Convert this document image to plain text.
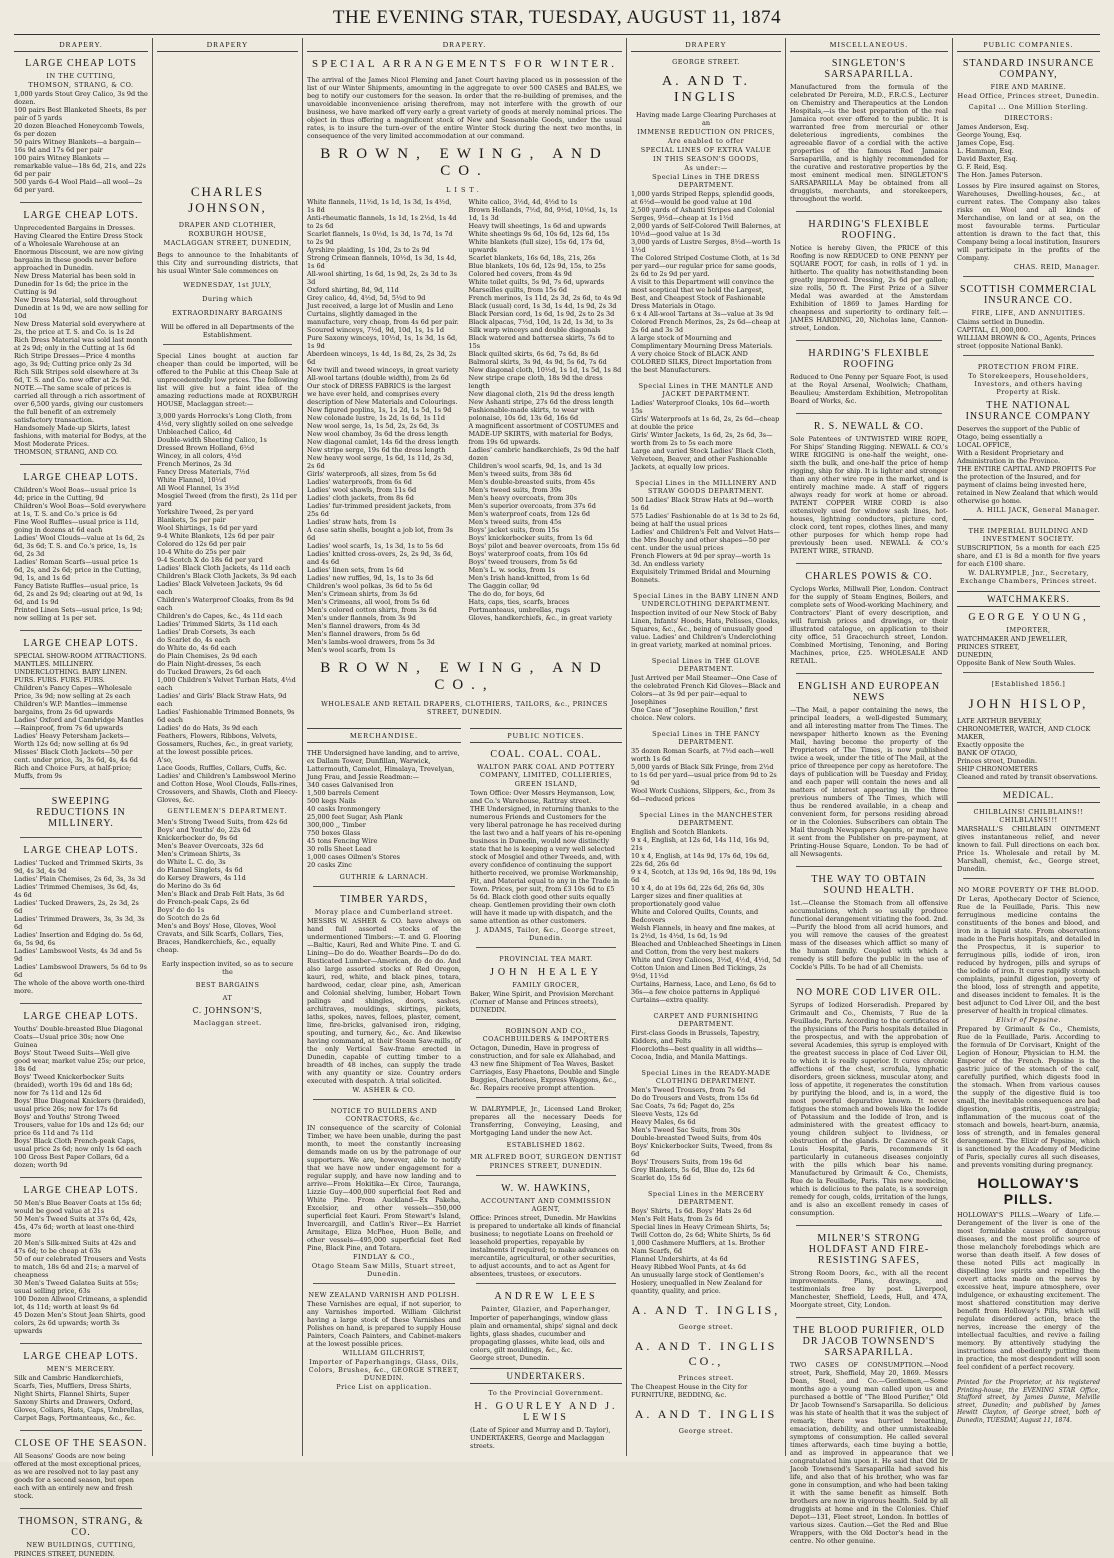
THE EVENING STAR, TUESDAY, AUGUST 11, 1874
DRAPERY.
LARGE CHEAP LOTS
IN THE CUTTING,
THOMSON, STRANG, & CO.

1,000 yards Stout Grey Calico, 3s 9d the dozen.

100 pairs Best Blanketed Sheets, 8s per pair of 5 yards

20 dozen Bleached Honeycomb Towels, 6s per dozen

50 pairs Witney Blankets—a bargain—16s 9d and 17s 6d per pair

100 pairs Witney Blankets — remarkable value—18s 6d, 21s, and 22s 6d per pair

500 yards 6-4 Wool Plaid—all wool—2s 6d per yard.

LARGE CHEAP LOTS.

Unprecedented Bargains in Dresses.

Having Cleared the Entire Dress Stock of a Wholesale Warehouse at an Enormous Discount, we are now giving bargains in these goods never before approached in Dunedin.

New Dress Material has been sold in Dunedin for 1s 6d; the price in the Cutting is 9d

New Dress Material, sold throughout Dunedin at 1s 9d, we are now selling for 10d

New Dress Material sold everywhere at 2s, the price at T. S. and Co. is 1s 2d

Rich Dress Material was sold last month at 2s 9d; only in the Cutting at 1s 6d

Rich Stripe Dresses—Price 4 months ago, 3s 9d; Cutting price only 2s 3d

Rich Silk Stripes sold elsewhere at 3s 6d, T. S. and Co. now offer at 2s 9d.

NOTE.—The same scale of prices is carried all through a rich assortment of over 6,500 yards, giving our customers the full benefit of an extremely satisfactory transaction.

Handsomely Made-up Skirts, latest fashions, with material for Bodys, at the Most Moderate Prices.

THOMSON, STRANG, AND CO.

LARGE CHEAP LOTS.

Children's Wool Boas—usual price 1s 4d; price in the Cutting, 9d

Children's Wool Boas—Sold everywhere at 1s, T. S. and Co.'s price is 6d

Fine Wool Ruffles—usual price is 11d, going in dozens at 6d each

Ladies' Wool Clouds—value at 1s 6d, 2s 6d, 3s 6d; T. S. and Co.'s price, 1s, 1s 6d, 2s 3d

Ladies' Roman Scarfs—usual price 1s 6d, 2s, and 2s 6d; price in the Cutting, 9d, 1s, and 1s 6d

Fancy Batiste Ruffles—usual price, 1s 6d, 2s and 2s 9d; clearing out at 9d, 1s 6d, and 1s 9d

Printed Linen Sets—usual price, 1s 9d; now selling at 1s per set.

LARGE CHEAP LOTS.

SPECIAL SHOW-ROOM ATTRACTIONS.

MANTLES. MILLINERY. UNDERCLOTHING. BABY LINEN.

FURS. FURS. FURS. FURS.

Children's Fancy Capes—Wholesale Price, 3s 9d; now selling at 2s each

Children's W.P. Mantles—immense bargains, from 2s 6d upwards

Ladies' Oxford and Cambridge Mantles—Rainproof, from 7s 6d upwards

Ladies' Heavy Petersham Jackets—Worth 12s 6d; now selling at 6s 9d

Misses' Black Cloth Jackets—50 per cent. under price, 3s, 3s 6d, 4s, 4s 6d

Rich and Choice Furs, at half-price; Muffs, from 9s

SWEEPING REDUCTIONS IN MILLINERY.
LARGE CHEAP LOTS.

Ladies' Tucked and Trimmed Skirts, 3s 9d, 4s 3d, 4s 9d

Ladies' Plain Chemises, 2s 6d, 3s, 3s 3d

Ladies' Trimmed Chemises, 3s 6d, 4s, 4s 6d

Ladies' Tucked Drawers, 2s, 2s 3d, 2s 6d

Ladies' Trimmed Drawers, 3s, 3s 3d, 3s 6d

Ladies' Insertion and Edging do. 5s 6d, 6s, 5s 9d, 6s

Ladies' Lambswool Vests, 4s 3d and 5s 9d

Ladies' Lambswool Drawers, 5s 6d to 9s 6d

The whole of the above worth one-third more.

LARGE CHEAP LOTS.

Youths' Double-breasted Blue Diagonal Coats—Usual price 30s; now One Guinea

Boys' Stout Tweed Suits—Well give good wear, market value 25s; our price, 18s 6d

Boys' Tweed Knickerbocker Suits (braided), worth 19s 6d and 18s 6d; now for 7s 11d and 12s 6d

Boys' Blue Diagonal Knickers (braided), usual price 26s; now for 17s 6d

Boys' and Youths' Strong Tweed Trousers, value for 10s and 12s 6d; our price 6s 11d and 7s 11d

Boys' Black Cloth French-peak Caps, usual price 2s 6d; now only 1s 6d each

100 Gross Best Paper Collars, 6d a dozen; worth 9d

LARGE CHEAP LOTS.

50 Men's Blue Beaver Coats at 15s 6d; would be good value at 21s

50 Men's Tweed Suits at 37s 6d, 42s, 45s, 47s 6d; worth at least one-third more

20 Men's Silk-mixed Suits at 42s and 47s 6d; to be cheap at 63s

50 of our celebrated Trousers and Vests to match, 18s 6d and 21s; a marvel of cheapness

30 Men's Tweed Galatea Suits at 55s; usual selling price, 63s

100 Dozen Allwool Crimeans, a splendid lot, 4s 11d; worth at least 9s 6d

45 Dozen Men's Stout Jean Shirts, good colors, 2s 6d upwards; worth 3s upwards

LARGE CHEAP LOTS.
MEN'S MERCERY.

Silk and Cambric Handkerchiefs, Scarfs, Ties, Mufflers, Dress Shirts, Night Shirts, Flannel Shirts, Super Saxony Shirts and Drawers, Oxford, Gloves, Collars, Hats, Caps, Umbrellas, Carpet Bags, Portmanteaus, &c., &c.

CLOSE OF THE SEASON.

All Seasons' Goods are now being offered at the most exceptional prices, as we are resolved not to lay past any goods for a second season, but open each with an entirely new and fresh stock.

THOMSON, STRANG, & CO.
NEW BUILDINGS, CUTTING,

PRINCES STREET, DUNEDIN.

DRAPERY
CHARLES JOHNSON,
DRAPER AND CLOTHIER,
ROXBURGH HOUSE,
MACLAGGAN STREET, DUNEDIN,

Begs to announce to the Inhabitants of this City and surrounding districts, that his usual Winter Sale commences on

WEDNESDAY, 1st JULY,
During which
EXTRAORDINARY BARGAINS

Will be offered in all Departments of the Establishment.

Special Lines bought at auction far cheaper than could be imported, will be offered to the Public at this Cheap Sale at unprecedentedly low prices. The following list will give but a faint idea of the amazing reductions made at ROXBURGH HOUSE, Maclaggan street:—

3,000 yards Horrocks's Long Cloth, from 4½d, very slightly soiled on one selvedge

Unbleached Calico, 4d

Double-width Sheeting Calico, 1s

Dressed Brown Holland, 6½d

Wincey, in all colors, 4½d

French Merinos, 2s 3d

Fancy Dress Materials, 7½d

White Flannel, 10½d

All Wool Flannel, 1s 3½d

Mosgiel Tweed (from the first), 2s 11d per yard

Yorkshire Tweed, 2s per yard

Blankets, 5s per pair

Wool Shirtings, 1s 6d per yard

9-4 White Blankets, 12s 6d per pair

Colored do 12s 6d per pair

10-4 White do 25s per pair

9-4 Scotch X do 18s 6d per yard

Ladies' Black Cloth Jackets, 4s 11d each

Children's Black Cloth Jackets, 3s 9d each

Ladies' Black Velveteen Jackets, 9s 6d each

Children's Waterproof Cloaks, from 8s 9d each

Children's do Capes, &c., 4s 11d each

Ladies' Trimmed Skirts, 3s 11d each

Ladies' Drab Corsets, 3s each

do Scarlet do, 4s each

do White do, 4s 6d each

do Plain Chemises, 2s 9d each

do Plain Night-dresses, 5s each

do Tucked Drawers, 2s 6d each

1,000 Children's Velvet Turban Hats, 4½d each

Ladies' and Girls' Black Straw Hats, 9d each

Ladies' Fashionable Trimmed Bonnets, 9s 6d each

Ladies' do do Hats, 3s 9d each

Feathers, Flowers, Ribbons, Velvets, Gossamers, Ruches, &c., in great variety, at the lowest possible prices.

A'so,

Lace Goods, Ruffles, Collars, Cuffs, &c.

Ladies' and Children's Lambswool Merino and Cotton Hose, Wool Clouds, Falls-rines, Crossovers, and Shawls, Cloth and Fleecy-Gloves, &c.

GENTLEMEN'S DEPARTMENT.

Men's Strong Tweed Suits, from 42s 6d

Boys' and Youths' do, 22s 6d

Knickerbocker do, 9s 6d

Men's Beaver Overcoats, 32s 6d

Men's Crimean Shirts, 3s

do White L. C. do, 3s

do Flannel Singlets, 4s 6d

do Kersey Drawers, 4s 11d

do Merino do 3s 6d

Men's Black and Drab Felt Hats, 3s 6d

do French-peak Caps, 2s 6d

Boys' do do 1s

do Scotch do 2s 6d

Men's and Boys' Hose, Gloves, Wool Cravats, and Silk Scarfs, Collars, Ties, Braces, Handkerchiefs, &c., equally cheap.

Early inspection invited, so as to secure the

BEST BARGAINS
AT
C. JOHNSON'S,
Maclaggan street.
DRAPERY.
SPECIAL ARRANGEMENTS FOR WINTER.

The arrival of the James Nicol Fleming and Janet Court having placed us in possession of the list of our Winter Shipments, amounting in the aggregate to over 500 CASES and BALES, we beg to notify our customers for the season. In order that the re-building of premises, and the unavoidable inconvenience arising therefrom, may not interfere with the growth of our business, we have marked off very early a great variety of goods at merely nominal prices. The object in thus offering a magnificent stock of New and Seasonable Goods, under the usual rates, is to insure the turn-over of the entire Winter Stock during the next two months, in consequence of the very limited accommodation at our command.

BROWN, EWING, AND CO.
LIST.

White flannels, 11½d, 1s 1d, 1s 3d, 1s 4½d, 1s 8d

Anti-rheumatic flannels, 1s 1d, 1s 2½d, 1s 4d to 2s 6d

Scarlet flannels, 1s 0½d, 1s 3d, 1s 7d, 1s 7d to 2s 9d

Ayrshire plaiding, 1s 10d, 2s to 2s 9d

Strong Crimean flannels, 10½d, 1s 3d, 1s 4d, 1s 6d

All-wool shirting, 1s 6d, 1s 9d, 2s, 2s 3d to 3s 3d

Oxford shirting, 8d, 9d, 11d

Grey calico, 4d, 4½d, 5d, 5½d to 9d

Just received, a large lot of Muslin and Leno Curtains, slightly damaged in the manufacture, very cheap, from 4s 6d per pair.

Scoured winceys, 7½d, 9d, 10d, 1s, 1s 1d

Pure Saxony winceys, 10½d, 1s, 1s 3d, 1s 6d, 1s 9d

Aberdeen winceys, 1s 4d, 1s 8d, 2s, 2s 3d, 2s 6d

New twill and tweed winceys, in great variety

All-wool tartans (double width), from 2s 6d

Our stock of DRESS FABRICS is the largest we have ever held, and comprises every description of New Materials and Colourings.

New figured poplins, 1s, 1s 2d, 1s 5d, 1s 9d

New colonade lustre, 1s 2d, 1s 6d, 1s 11d

New wool serge, 1s, 1s 5d, 2s, 2s 6d, 3s

New wool chamboy, 3s 6d the dress length

New diagonal camlet, 14s 6d the dress length

New stripe serge, 19s 6d the dress length

New heavy wool serge, 1s 6d, 1s 11d, 2s 3d, 2s 6d

Girls' waterproofs, all sizes, from 5s 6d

Ladies' waterproofs, from 6s 6d

Ladies' wool shawls, from 11s 6d

Ladies' cloth jackets, from 8s 6d

Ladies' fur-trimmed president jackets, from 25s 6d

Ladies' straw hats, from 1s

A case satin shells, bought a job lot, from 3s 6d

Ladies' wool scarfs, 1s, 1s 3d, 1s to 5s 6d

Ladies' knitted cross-overs, 2s, 2s 9d, 3s 6d, and 4s 6d

Ladies' linen sets, from 1s 6d

Ladies' new ruffles, 9d, 1s, 1s to 3s 6d

Children's wool polkas, 3s 6d to 5s 6d

Men's Crimean shirts, from 3s 6d

Men's Crimeans, all wool, from 5s 6d

Men's colored cotton shirts, from 3s 6d

Men's under flannels, from 3s 9d

Men's flannel drawers, from 4s 3d

Men's flannel drawers, from 5s 6d

Men's lambs-wool drawers, from 5s 3d

Men's wool scarfs, from 1s

White calico, 3½d, 4d, 4½d to 1s

Brown Hollands, 7½d, 8d, 9½d, 10½d, 1s, 1s 1d, 1s 3d

Heavy twill sheetings, 1s 6d and upwards

White sheetings 9s 6d, 10s 6d, 12s 6d, 15s

White blankets (full size), 15s 6d, 17s 6d, upwards

Scarlet blankets, 16s 6d, 18s, 21s, 26s

Blue blankets, 10s 6d, 12s 9d, 15s, to 25s

Colored bed covers, from 4s 9d

White toilet quilts, 5s 9d, 7s 6d, upwards

Marseilles quilts, from 15s 6d

French merinos, 1s 11d, 2s 3d, 2s 6d, to 4s 9d

Black (usual) cord, 1s 3d, 1s 4d, 1s 9d, 2s 3d

Black Persian cord, 1s 6d, 1s 9d, 2s to 2s 3d

Black alpacas, 7½d, 10d, 1s 2d, 1s 3d, to 3s

Silk warp winceys and double diagonals

Black watered and battersea skirts, 7s 6d to 15s

Black quilted skirts, 6s 6d, 7s 6d, 8s 6d

Balmoral skirts, 3s 9d, 4s 9d, 5s 6d, 7s 6d

New diagonal cloth, 10½d, 1s 1d, 1s 5d, 1s 8d

New stripe crape cloth, 18s 9d the dress length

New diagonal cloth, 21s 9d the dress length

New Ashanti stripe, 27s 6d the dress length

Fashionable-made skirts, to wear with polonaise, 10s 6d, 13s 6d, 16s 6d

A magnificent assortment of COSTUMES and MADE-UP SKIRTS, with material for Bodys, from 19s 6d upwards.

Ladies' cambric handkerchiefs, 2s 9d the half dozen

Children's wool scarfs, 9d, 1s, and 1s 3d

Men's tweed suits, from 38s 6d

Men's double-breasted suits, from 45s

Men's tweed suits, from 39s

Men's heavy overcoats, from 30s

Men's superior overcoats, from 37s 6d

Men's waterproof coats, from 12s 6d

Men's tweed suits, from 45s

Boys' jacket suits, from 15s

Boys' knickerbocker suits, from 1s 6d

Boys' pilot and beaver overcoats, from 15s 6d

Boys' waterproof coats, from 10s 6d

Boys' tweed trousers, from 5s 6d

Men's L. w. socks, from 1s

Men's Irish hand-knitted, from 1s 6d

The Gaggin collar, 9d

The do do, for boys, 6d

Hats, caps, ties, scarfs, braces

Portmanteaus, umbrellas, rugs

Gloves, handkerchiefs, &c., in great variety

BROWN, EWING, AND CO.,
WHOLESALE AND RETAIL DRAPERS, CLOTHIERS, TAILORS, &c., PRINCES STREET, DUNEDIN.
MERCHANDISE.

THE Undersigned have landing, and to arrive, ex Dallam Tower, Dunfillan, Warwick, Lattermouth, Camelot, Himalaya, Trevelyan, Jung Frau, and Jessie Readman:—

340 cases Galvanised Iron

1,500 barrels Cement

500 kegs Nails

40 casks Ironmongery

25,000 feet Sugar, Ash Plank

300,000 ,, Timber

750 boxes Glass

45 tons Fencing Wire

30 rolls Sheet Lead

1,000 cases Oilmen's Stores

20 casks Zinc

GUTHRIE & LARNACH.
TIMBER YARDS,
Moray place and Cumberland street.

MESSRS W. ASHER & CO. have always on hand full assorted stocks of the undermentioned Timbers:—T. and G. Flooring—Baltic, Kauri, Red and White Pine. T. and G. Lining—Do do do. Weather Boards—Do do do. Rusticated Lumber—American, do do do. And also large assorted stocks of Red Oregon, kauri, red, white, and black pines, totara, hardwood, cedar, clear pine, ash, American and Colonial shelving, lumber, Hobart Town palings and shingles, doors, sashes, architraves, mouldings, skirtings, pickets, laths, spokes, naves, felloes, plaster, cement, lime, fire-bricks, galvanised iron, ridging, spouting, and turnery, &c., &c. And likewise having command, at their Steam Saw-mills, of the only Vertical Saw-frame erected in Dunedin, capable of cutting timber to a breadth of 48 inches, can supply the trade with any quantity or size. Country orders executed with despatch. A trial solicited.

W. ASHER & CO.
NOTICE TO BUILDERS AND CONTRACTORS, &c.

IN consequence of the scarcity of Colonial Timber, we have been unable, during the past month, to meet the constantly increasing demands made on us by the patronage of our supporters. We are, however, able to notify that we have now under engagement for a regular supply, and have now landing and to arrive—From Hokitika—Ex Circe, Tauranga, Lizzie Guy—400,000 superficial feet Red and White Pine. From Auckland—Ex Pakeha, Excelsior, and other vessels—350,000 superficial feet Kauri. From Stewart's Island, Invercargill, and Catlin's River—Ex Harriet Armitage, Eliza McPhee, Huon Belle, and other vessels—495,000 superficial feet Red Pine, Black Pine, and Totara.

FINDLAY & CO.,
Otago Steam Saw Mills, Stuart street, Dunedin.
NEW ZEALAND VARNISH AND POLISH.

These Varnishes are equal, if not superior, to any Varnishes imported. William Gilchrist having a large stock of these Varnishes and Polishes on hand, is prepared to supply House Painters, Coach Painters, and Cabinet-makers at the lowest possible prices.

WILLIAM GILCHRIST,
Importer of Paperhangings, Glass, Oils, Colors, Brushes, &c., GEORGE STREET, DUNEDIN.
Price List on application.
PUBLIC NOTICES.
COAL. COAL. COAL.
WALTON PARK COAL AND POTTERY COMPANY, LIMITED, COLLIERIES,
GREEN ISLAND,

Town Office: Over Messrs Heymanson, Low, and Co.'s Warehouse, Rattray street.

THE Undersigned, in returning thanks to the numerous Friends and Customers for the very liberal patronage he has received during the last two and a half years of his re-opening business in Dunedin, would now distinctly state that he is keeping a very well selected stock of Mosgiel and other Tweeds, and, with every confidence of continuing the support hitherto received, we promise Workmanship, Fit, and Material equal to any in the Trade in Town. Prices, per suit, from £3 10s 6d to £5 5s 6d. Black cloth good other suits equally cheap. Gentlemen providing their own cloth will have it made up with dispatch, and the same attention as other customers.

J. ADAMS, Tailor, &c., George street, Dunedin.
PROVINCIAL TEA MART.
JOHN HEALEY
FAMILY GROCER,

Baker, Wine Spirit, and Provision Merchant (Corner of Manse and Princes streets), DUNEDIN.

ROBINSON AND CO., COACHBUILDERS & IMPORTERS

Octagon, Dunedin, Have in progress of construction, and for sale ex Allahabad, and 43 new fine Shipment of Tea Waves, Basket Carriages, Easy Phaetons, Double and Single Buggies, Chariotees, Express Waggons, &c., &c. Repairs receive prompt attention.

W. DALRYMPLE, Jr., Licensed Land Broker, prepares all the necessary Deeds for Transferring, Conveying, Leasing, and Mortgaging Land under the new Act.

ESTABLISHED 1862.
MR ALFRED BOOT, SURGEON DENTIST
PRINCES STREET, DUNEDIN.
W. W. HAWKINS,
ACCOUNTANT AND COMMISSION AGENT,

Office: Princes street, Dunedin. Mr Hawkins is prepared to undertake all kinds of financial business; to negotiate Loans on freehold or leasehold properties, repayable by instalments if required; to make advances on mercantile, agricultural, or other securities, to adjust accounts, and to act as Agent for absentees, trustees, or executors.

ANDREW LEES
Painter, Glazier, and Paperhanger,

Importer of paperhangings, window glass plain and ornamental, ships' signal and deck lights, glass shades, cucumber and propagating glasses, white lead, oils and colors, gilt mouldings, &c., &c.

George street, Dunedin.

UNDERTAKERS.
To the Provincial Government.
H. GOURLEY AND J. LEWIS

(Late of Spicer and Murray and D. Taylor), UNDERTAKERS, George and Maclaggan streets.

DRAPERY
GEORGE STREET.
A. AND T. INGLIS

Having made Large Clearing Purchases at an

IMMENSE REDUCTION ON PRICES,
Are enabled to offer
SPECIAL LINES OF EXTRA VALUE
IN THIS SEASON'S GOODS,
As under:—
Special Lines in THE DRESS DEPARTMENT.

1,000 yards Striped Repps, splendid goods, at 6½d—would be good value at 10d

2,500 yards of Ashanti Stripes and Colonial Serges, 9½d—cheap at 1s 1½d

2,000 yards of Self-Colored Twill Balernes, at 10½d—good value at 1s 3d

3,000 yards of Lustre Serges, 8½d—worth 1s 1½d

The Colored Striped Costume Cloth, at 1s 3d per yard—our regular price for same goods, 2s 6d to 2s 9d per yard.

A visit to this Department will convince the most sceptical that we hold the Largest, Best, and Cheapest Stock of Fashionable Dress Materials in Otago.

6 x 4 All-wool Tartans at 3s—value at 3s 9d

Colored French Merinos, 2s, 2s 6d—cheap at 2s 6d and 3s 3d

A large stock of Mourning and Complimentary Mourning Dress Materials.

A very choice Stock of BLACK AND COLORED SILKS, Direct Importation from the best Manufacturers.

Special Lines in THE MANTLE AND JACKET DEPARTMENT.

Ladies' Waterproof Cloaks, 10s 6d—worth 15s

Girls' Waterproofs at 1s 6d, 2s, 2s 6d—cheap at double the price

Girls' Winter Jackets, 1s 6d, 2s, 2s 6d, 3s—worth from 2s to 5s each more

Large and varied Stock Ladies' Black Cloth, Velveteen, Beaver, and other Fashionable Jackets, at equally low prices.

Special Lines in the MILLINERY AND STRAW GOODS DEPARTMENT.

500 Ladies' Black Straw Hats at 9d—worth 1s 6d

575 Ladies' Fashionable do at 1s 3d to 2s 6d, being at half the usual prices

Ladies' and Children's Felt and Velvet Hats—the Mrs Bouchy and other shapes—50 per cent. under the usual prices

French Flowers at 9d per spray—worth 1s 3d. An endless variety

Exquisitely Trimmed Bridal and Mourning Bonnets.

Special Lines in the BABY LINEN AND UNDERCLOTHING DEPARTMENT.

Inspection invited of our New Stock of Baby Linen, Infants' Hoods, Hats, Pelisses, Cloaks, Squares, &c., &c., being of unusually good value. Ladies' and Children's Underclothing in great variety, marked at nominal prices.

Special Lines in THE GLOVE DEPARTMENT.

Just Arrived per Mail Steamer—One Case of the celebrated French Kid Gloves—Black and Colors—at 3s 9d per pair—equal to Josephines

One Case of "Josephine Rouillon," first choice. New colors.

Special Lines in THE FANCY DEPARTMENT.

35 dozen Roman Scarfs, at 7½d each—well worth 1s 6d

5,000 yards of Black Silk Fringe, from 2½d to 1s 6d per yard—usual price from 9d to 2s 9d

Wool Work Cushions, Slippers, &c., from 3s 6d—reduced prices

Special Lines in the MANCHESTER DEPARTMENT.

English and Scotch Blankets.

9 x 4, English, at 12s 6d, 14s 11d, 16s 9d, 21s

10 x 4, English, at 14s 9d, 17s 6d, 19s 6d, 22s 6d, 26s 6d

9 x 4, Scotch, at 13s 9d, 16s 9d, 18s 9d, 19s 6d

10 x 4, do at 19s 6d, 22s 6d, 26s 6d, 30s

Larger sizes and finer qualities at proportionately good value

White and Colored Quilts, Counts, and Bedcovers

Welsh Flannels, in heavy and fine makes, at 1s 2½d, 1s 4½d, 1s 6d, 1s 9d

Bleached and Unbleached Sheetings in Linen and Cotton, from the very best makers

White and Grey Calicoes, 3½d, 4½d, 4½d, 5d

Cotton Union and Linen Bed Tickings, 2s 9½d, 11½d

Curtains, Harness, Lace, and Leno, 6s 6d to 36s—a few choice patterns in Appliqué Curtains—extra quality.

CARPET AND FURNISHING DEPARTMENT.

First-class Goods in Brussels, Tapestry, Kidders, and Felts

Floorcloths—best quality in all widths—Cocoa, India, and Manila Mattings.

Special Lines in the READY-MADE CLOTHING DEPARTMENT.

Men's Tweed Trousers, from 7s 6d

Do do Trousers and Vests, from 15s 6d

Sac Coats, 7s 6d; Paget do, 25s

Sleeve Vests, 12s 6d

Heavy Males, 6s 6d

Men's Tweed Sac Suits, from 30s

Double-breasted Tweed Suits, from 40s

Boys' Knickerbocker Suits, Tweed, from 8s 6d

Boys' Trousers Suits, from 19s 6d

Grey Blankets, 5s 6d, Blue do, 12s 6d

Scarlet do, 15s 6d

Special Lines in the MERCERY DEPARTMENT.

Boys' Shirts, 1s 6d. Boys' Hats 2s 6d

Men's Felt Hats, from 2s 6d

Special lines in Heavy Crimean Shirts, 5s; Twill Cotton do, 2s 6d; White Shirts, 5s 6d

1,000 Cashmere Mufflers, at 1s. Brother Nam Scarfs, 6d

Flannel Undershirts, at 4s 6d

Heavy Ribbed Wool Pants, at 4s 6d

An unusually large stock of Gentlemen's Hosiery, unequalled in New Zealand for quantity, quality, and price.

A. AND T. INGLIS,
George street.
A. AND T. INGLIS CO.,
Princes street.

The Cheapest House in the City for FURNITURE, BEDDING, &c.

A. AND T. INGLIS
George street.
MISCELLANEOUS.
SINGLETON'S SARSAPARILLA.

Manufactured from the formula of the celebrated Dr Pereira, M.D., F.R.C.S., Lecturer on Chemistry and Therapeutics at the London Hospitals,—is the best preparation of the real Jamaica root ever offered to the public. It is warranted free from mercurial or other deleterious ingredients, combines the agreeable flavor of a cordial with the active properties of the famous Red Jamaica Sarsaparilla, and is highly recommended for the curative and restorative properties by the most eminent medical men. SINGLETON'S SARSAPARILLA May be obtained from all druggists, merchants, and storekeepers, throughout the world.

HARDING'S FLEXIBLE ROOFING.

Notice is hereby Given, the PRICE of this Roofing is now REDUCED to ONE PENNY per SQUARE FOOT, for cash, in rolls of 1 yd. in hitherto. The quality has notwithstanding been greatly improved. Dressing, 2s 6d per gallon; size rolls, 50 ft. The First Prize of a Silver Medal was awarded at the Amsterdam Exhibition of 1869 to James Harding for cheapness and superiority to ordinary felt.—JAMES HARDING, 20, Nicholas lane, Cannon-street, London.

HARDING'S FLEXIBLE ROOFING

Reduced to One Penny per Square Foot, is used at the Royal Arsenal, Woolwich; Chatham, Beaulieu; Amsterdam Exhibition, Metropolitan Board of Works, &c.

R. S. NEWALL & CO.

Sole Patentees of UNTWISTED WIRE ROPE, For Ships' Standing Rigging. NEWALL & CO.'s WIRE RIGGING is one-half the weight, one-sixth the bulk, and one-half the price of hemp rigging, ship for ship. It is lighter and stronger than any other wire rope in the market, and is entirely machine made. A staff of riggers always ready for work at home or abroad. PATENT COPPER WIRE CORD is also extensively used for window sash lines, hot-houses, lightning conductors, picture cord, clock cord, tent ropes, clothes lines, and many other purposes for which hemp rope had previously been used. NEWALL & CO.'s PATENT WIRE, STRAND.

CHARLES POWIS & CO.

Cyclops Works, Millwall Pier, London. Contract for the supply of Steam Engines, Boilers, and complete sets of Wood-working Machinery, and Contractors' Plant of every description, and will furnish prices and drawings, or their illustrated catalogue, on application to their city office, 51 Gracechurch street, London. Combined Mortising, Tenoning, and Boring Machines, price, £25. WHOLESALE AND RETAIL.

ENGLISH AND EUROPEAN NEWS

—The Mail, a paper containing the news, the principal leaders, a well-digested Summary, and all interesting matter from The Times. The newspaper hitherto known as the Evening Mail, having become the property of the Proprietors of The Times, is now published twice a week, under the title of The Mail, at the price of threepence per copy as heretofore. The days of publication will be Tuesday and Friday, and each paper will contain the news and all matters of interest appearing in the three previous numbers of The Times, which will thus be rendered available, in a cheap and convenient form, for persons residing abroad or in the Colonies. Subscribers can obtain The Mail through Newspapers Agents, or may have it sent from the Publisher on pre-payment, at Printing-House Square, London. To be had of all Newsagents.

THE WAY TO OBTAIN SOUND HEALTH.

1st.—Cleanse the Stomach from all offensive accumulations, which so usually produce functional derangement vitiating the food. 2nd.—Purify the blood from all acrid humors, and you will remove the causes of the greatest mass of the diseases which afflict so many of the human family. Coupled with which a remedy is still before the public in the use of Cockle's Pills. To be had of all Chemists.

NO MORE COD LIVER OIL.

Syrups of Iodized Horseradish. Prepared by Grimault and Co., Chemists, 7 Rue de la Feuillade, Paris. According to the certificates of the physicians of the Paris hospitals detailed in the prospectus, and with the approbation of several Academies, this syrup is employed with the greatest success in place of Cod Liver Oil, to which it is really superior. It cures chronic affections of the chest, scrofula, lymphatic disorders, green sickness, muscular atony, and loss of appetite, it regenerates the constitution by purifying the blood, and is, in a word, the most powerful depurative known. It never fatigues the stomach and bowels like the Iodide of Potassium and the Iodide of Iron, and is administered with the greatest efficacy to young children subject to lividness, or obstruction of the glands. Dr Cazenave of St Louis Hospital, Paris, recommends it particularly in cutaneous diseases conjointly with the pills which bear his name. Manufactured by Grimault & Co., Chemists, Rue de la Feuillade, Paris. This new medicine, which is delicious to the palate, is a sovereign remedy for cough, colds, irritation of the lungs, and is also an excellent remedy in cases of consumption.

MILNER'S STRONG HOLDFAST AND FIRE-RESISTING SAFES,

Strong Room Doors, &c., with all the recent improvements. Plans, drawings, and testimonials free by post. Liverpool, Manchester, Sheffield, Leeds, Hull, and 47A, Moorgate street, City, London.

THE BLOOD PURIFIER, OLD DR JACOB TOWNSEND'S SARSAPARILLA.

TWO CASES OF CONSUMPTION.—Nood street, Park, Sheffield, May 20, 1869. Messrs Dean, Steel, and Co.—Gentlemen,—Some months ago a young man called upon us and purchased a bottle of "The Blood Purifier," Old Dr Jacob Townsend's Sarsaparilla. So delicious was his state of health that it was the subject of remark; there was hurried breathing, emaciation, debility, and other unmistakeable symptoms of consumption. He called several times afterwards, each time buying a bottle, and as improved in appearance that we congratulated him upon it. He said that Old Dr Jacob Townsend's Sarsaparilla had saved his life, and also that of his brother, who was far gone in consumption, and who had been taking it with the same benefit as himself. Both brothers are now in vigorous health. Sold by all druggists at home and in the Colonies. Chief Depot—131, Fleet street, London. In bottles of various sizes. Caution.—Get the Red and Blue Wrappers, with the Old Doctor's head in the centre. No other genuine.

PUBLIC COMPANIES.
STANDARD INSURANCE COMPANY,
FIRE AND MARINE.
Head Office, Princes street, Dunedin.
Capital ... One Million Sterling.
DIRECTORS:

James Anderson, Esq.

George Young, Esq.

James Cope, Esq.

L. Hamman, Esq.

David Baxter, Esq.

G. F. Reid, Esq.

The Hon. James Paterson.

Losses by Fire insured against on Stores, Warehouses, Dwelling-houses, &c., at current rates. The Company also takes risks on Wool and all kinds of Merchandise, on land or at sea, on the most favourable terms. Particular attention is drawn to the fact that, this Company being a local institution, Insurers will participate in the profits of the Company.

CHAS. REID, Manager.
SCOTTISH COMMERCIAL INSURANCE CO.
FIRE, LIFE, AND ANNUITIES.

Claims settled in Dunedin.

CAPITAL, £1,000,000.

WILLIAM BROWN & CO., Agents, Princes street (opposite National Bank).

PROTECTION FROM FIRE.
To Storekeepers, Householders, Investors, and others having Property at Risk.
THE NATIONAL INSURANCE COMPANY

Deserves the support of the Public of Otago, being essentially a

LOCAL OFFICE,

With a Resident Proprietary and Administration in the Province.

THE ENTIRE CAPITAL AND PROFITS For the protection of the Insured, and for payment of claims being invested here, retained in New Zealand that which would otherwise go home.

A. HILL JACK, General Manager.
THE IMPERIAL BUILDING AND INVESTMENT SOCIETY.

SUBSCRIPTION, 5s a month for each £25 share, and £1 is 8d a month for five years for each £100 share.

W. DALRYMPLE, Jnr., Secretary, Exchange Chambers, Princes street.
WATCHMAKERS.
GEORGE YOUNG,
IMPORTER,

WATCHMAKER AND JEWELLER,

PRINCES STREET,

DUNEDIN,

Opposite Bank of New South Wales.

[Established 1856.]
JOHN HISLOP,

LATE ARTHUR BEVERLY,

CHRONOMETER, WATCH, AND CLOCK MAKER,

Exactly opposite the

BANK OF OTAGO,

Princes street, Dunedin.

SHIP CHRONOMETERS

Cleaned and rated by transit observations.

MEDICAL.
CHILBLAINS! CHILBLAINS!! CHILBLAINS!!!

MARSHALL'S CHILBLAIN OINTMENT gives instantaneous relief, and never known to fail. Full directions on each box. Price 1s. Wholesale and retail by M. Marshall, chemist, &c., George street, Dunedin.

NO MORE POVERTY OF THE BLOOD.

Dr Leras, Apothecary Doctor of Science, Rue de la Feuillade, Paris. This new ferruginous medicine contains the constituents of the bones and blood, and iron in a liquid state. From observations made in the Paris hospitals, and detailed in the Prospectus, it is superior to ferruginous pills, iodide of iron, iron reduced by hydrogen, pills and syrups of the iodide of iron. It cures rapidly stomach complaints, painful digestion, poverty of the blood, loss of strength and appetite, and diseases incident to females. It is the best adjunct to Cod Liver Oil, and the best preserver of health in tropical climates.

Elixir of Pepsine.

Prepared by Grimault & Co., Chemists, Rue de la Feuillade, Paris. According to the formula of Dr Corvisart, Knight of the Legion of Honour, Physician to H.M. the Emperor of the French. Pepsine is the gastric juice of the stomach of the calf, carefully purified, which digests food in the stomach. When from various causes the supply of the digestive fluid is too small, the inevitable consequences are bad digestion, gastritis, gastralgia; inflammation of the mucous coat of the stomach and bowels, heart-burn, anæmia, loss of strength, and in females general derangement. The Elixir of Pepsine, which is sanctioned by the Academy of Medicine of Paris, specially cures all such diseases, and prevents vomiting during pregnancy.

HOLLOWAY'S PILLS.

HOLLOWAY'S PILLS.—Weary of Life.—Derangement of the liver is one of the most formidable causes of dangerous diseases, and the most prolific source of those melancholy forebodings which are worse than death itself. A few doses of these noted Pills act magically in dispelling low spirits and repelling the covert attacks made on the nerves by excessive heat, impure atmosphere, over indulgence, or exhausting excitement. The most shattered constitution may derive benefit from Holloway's Pills, which will regulate disordered action, brace the nerves, increase the energy of the intellectual faculties, and revive a failing memory. By attentively studying the instructions and obediently putting them in practice, the most despondent will soon feel confident of a perfect recovery.

Printed for the Proprietor, at his registered Printing-house, the EVENING STAR Office, Stafford street, by James Dunne, Melville street, Dunedin; and published by James Hewitt Clayton, of George street, both of Dunedin, TUESDAY, August 11, 1874.
